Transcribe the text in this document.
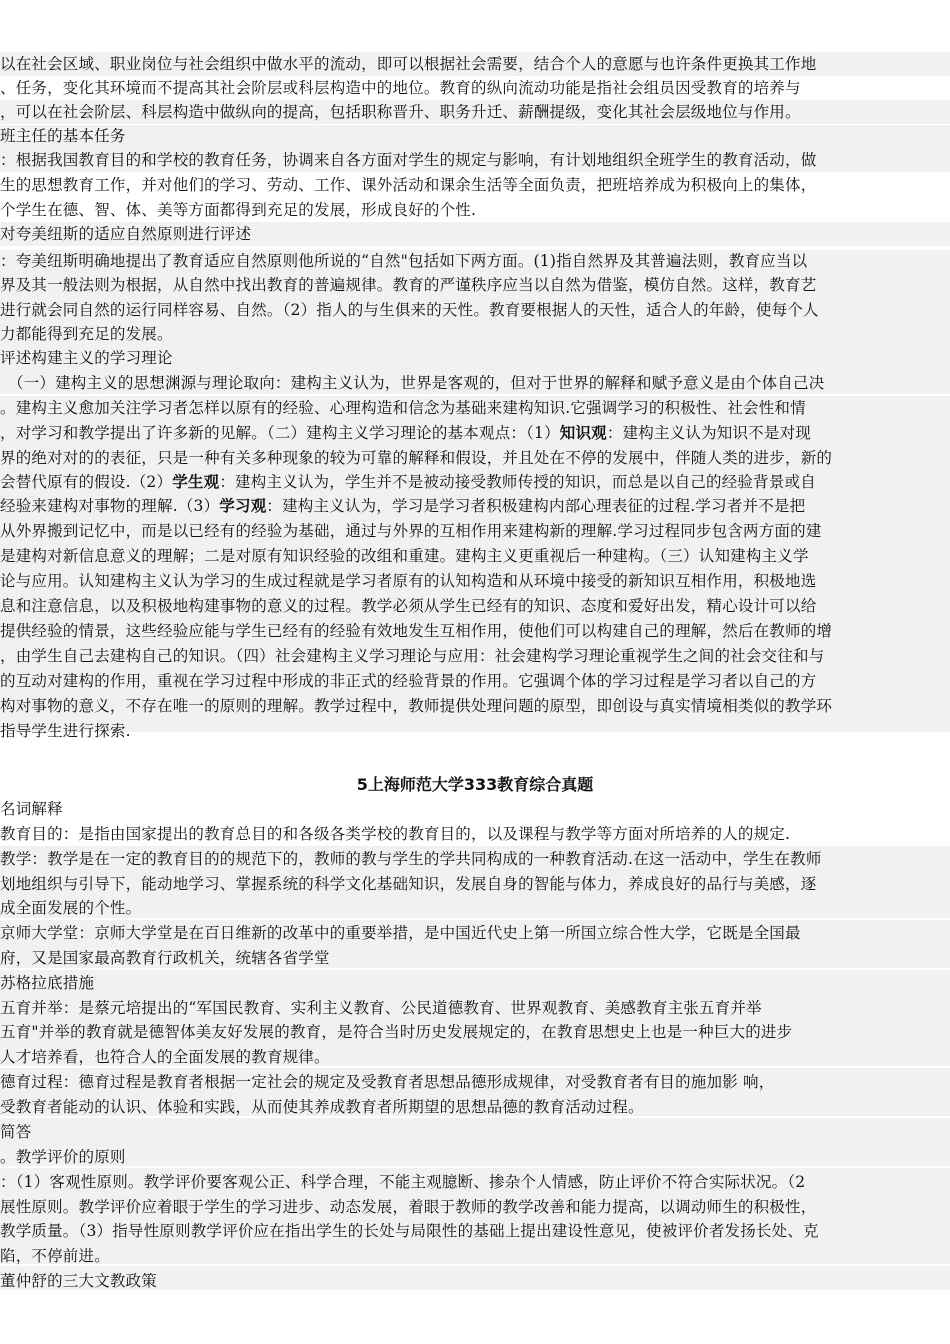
以在社会区域、职业岗位与社会组织中做水平的流动，即可以根据社会需要，结合个人的意愿与也许条件更换其工作地
、任务，变化其环境而不提高其社会阶层或科层构造中的地位。教育的纵向流动功能是指社会组员因受教育的培养与
，可以在社会阶层、科层构造中做纵向的提高，包括职称晋升、职务升迁、薪酬提级，变化其社会层级地位与作用。
班主任的基本任务
：根据我国教育目的和学校的教育任务，协调来自各方面对学生的规定与影响，有计划地组织全班学生的教育活动，做
生的思想教育工作，并对他们的学习、劳动、工作、课外活动和课余生活等全面负责，把班培养成为积极向上的集体，
个学生在德、智、体、美等方面都得到充足的发展，形成良好的个性.
对夸美纽斯的适应自然原则进行评述
：夸美纽斯明确地提出了教育适应自然原则他所说的“自然"包括如下两方面。(1)指自然界及其普遍法则，教育应当以
界及其一般法则为根据，从自然中找出教育的普遍规律。教育的严谨秩序应当以自然为借鉴，模仿自然。这样，教育艺
进行就会同自然的运行同样容易、自然。（2）指人的与生俱来的天性。教育要根据人的天性，适合人的年龄，使每个人
力都能得到充足的发展。
评述构建主义的学习理论
（一）建构主义的思想渊源与理论取向：建构主义认为，世界是客观的，但对于世界的解释和赋予意义是由个体自己决
。建构主义愈加关注学习者怎样以原有的经验、心理构造和信念为基础来建构知识.它强调学习的积极性、社会性和情
，对学习和教学提出了许多新的见解。（二）建构主义学习理论的基本观点：（1）知识观：建构主义认为知识不是对现
界的绝对对的的表征，只是一种有关多种现象的较为可靠的解释和假设，并且处在不停的发展中，伴随人类的进步，新的
会替代原有的假设.（2）学生观：建构主义认为，学生并不是被动接受教师传授的知识，而总是以自己的经验背景或自
经验来建构对事物的理解.（3）学习观：建构主义认为，学习是学习者积极建构内部心理表征的过程.学习者并不是把
从外界搬到记忆中，而是以已经有的经验为基础，通过与外界的互相作用来建构新的理解.学习过程同步包含两方面的建
是建构对新信息意义的理解；二是对原有知识经验的改组和重建。建构主义更重视后一种建构。（三）认知建构主义学
论与应用。认知建构主义认为学习的生成过程就是学习者原有的认知构造和从环境中接受的新知识互相作用，积极地选
息和注意信息，以及积极地构建事物的意义的过程。教学必须从学生已经有的知识、态度和爱好出发，精心设计可以给
提供经验的情景，这些经验应能与学生已经有的经验有效地发生互相作用，使他们可以构建自己的理解，然后在教师的增
，由学生自己去建构自己的知识。（四）社会建构主义学习理论与应用：社会建构学习理论重视学生之间的社会交往和与
的互动对建构的作用，重视在学习过程中形成的非正式的经验背景的作用。它强调个体的学习过程是学习者以自己的方
构对事物的意义，不存在唯一的原则的理解。教学过程中，教师提供处理问题的原型，即创设与真实情境相类似的教学环
指导学生进行探索.
5上海师范大学333教育综合真题
名词解释
教育目的：是指由国家提出的教育总目的和各级各类学校的教育目的，以及课程与教学等方面对所培养的人的规定.
教学：教学是在一定的教育目的的规范下的，教师的教与学生的学共同构成的一种教育活动.在这一活动中，学生在教师
划地组织与引导下，能动地学习、掌握系统的科学文化基础知识，发展自身的智能与体力，养成良好的品行与美感，逐
成全面发展的个性。
京师大学堂：京师大学堂是在百日维新的改革中的重要举措，是中国近代史上第一所国立综合性大学，它既是全国最
府，又是国家最高教育行政机关，统辖各省学堂
苏格拉底措施
五育并举：是蔡元培提出的“军国民教育、实利主义教育、公民道德教育、世界观教育、美感教育主张五育并举
五育"并举的教育就是德智体美友好发展的教育，是符合当时历史发展规定的，在教育思想史上也是一种巨大的进步
人才培养看，也符合人的全面发展的教育规律。
德育过程：德育过程是教育者根据一定社会的规定及受教育者思想品德形成规律，对受教育者有目的施加影 响，
受教育者能动的认识、体验和实践，从而使其养成教育者所期望的思想品德的教育活动过程。
简答
。教学评价的原则
：（1）客观性原则。教学评价要客观公正、科学合理，不能主观臆断、掺杂个人情感，防止评价不符合实际状况。（2
展性原则。教学评价应着眼于学生的学习进步、动态发展，着眼于教师的教学改善和能力提高，以调动师生的积极性，
教学质量。（3）指导性原则教学评价应在指出学生的长处与局限性的基础上提出建设性意见，使被评价者发扬长处、克
陷，不停前进。
董仲舒的三大文教政策
